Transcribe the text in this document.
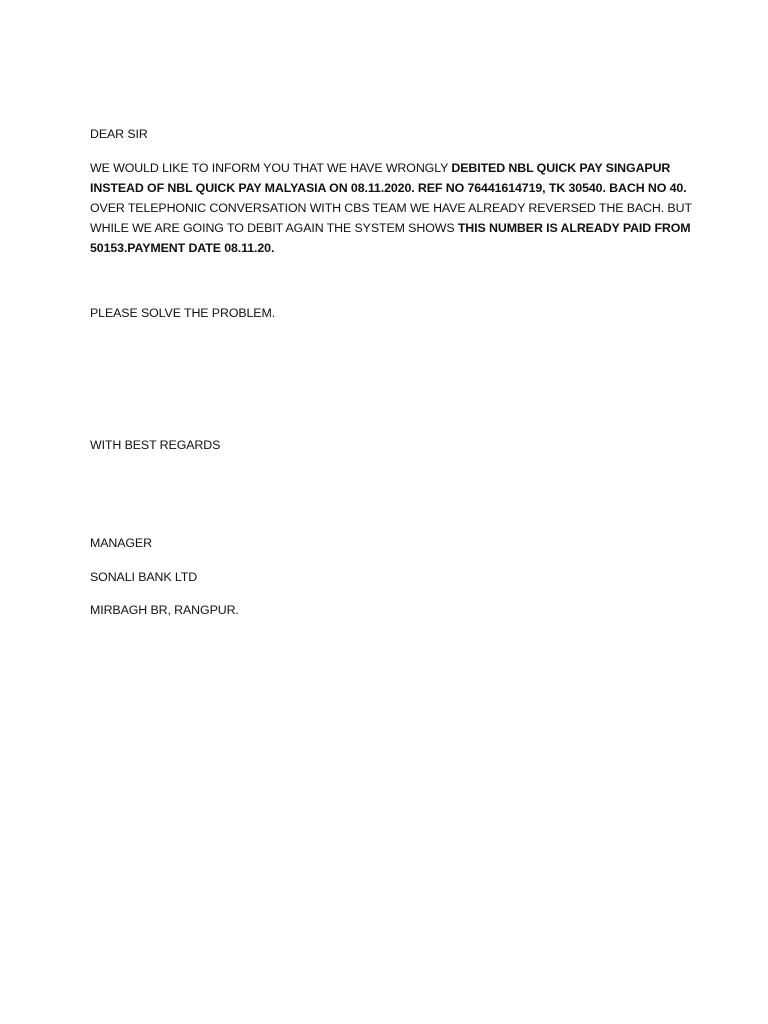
DEAR SIR
WE WOULD LIKE TO INFORM YOU THAT WE HAVE WRONGLY DEBITED NBL QUICK PAY SINGAPUR
INSTEAD OF NBL QUICK PAY MALYASIA ON 08.11.2020. REF NO 76441614719, TK 30540. BACH NO 40.
OVER TELEPHONIC CONVERSATION WITH CBS TEAM WE HAVE ALREADY REVERSED THE BACH. BUT
WHILE WE ARE GOING TO DEBIT AGAIN THE SYSTEM SHOWS THIS NUMBER IS ALREADY PAID FROM
50153.PAYMENT DATE 08.11.20.
PLEASE SOLVE THE PROBLEM.
WITH BEST REGARDS
MANAGER
SONALI BANK LTD
MIRBAGH BR, RANGPUR.
